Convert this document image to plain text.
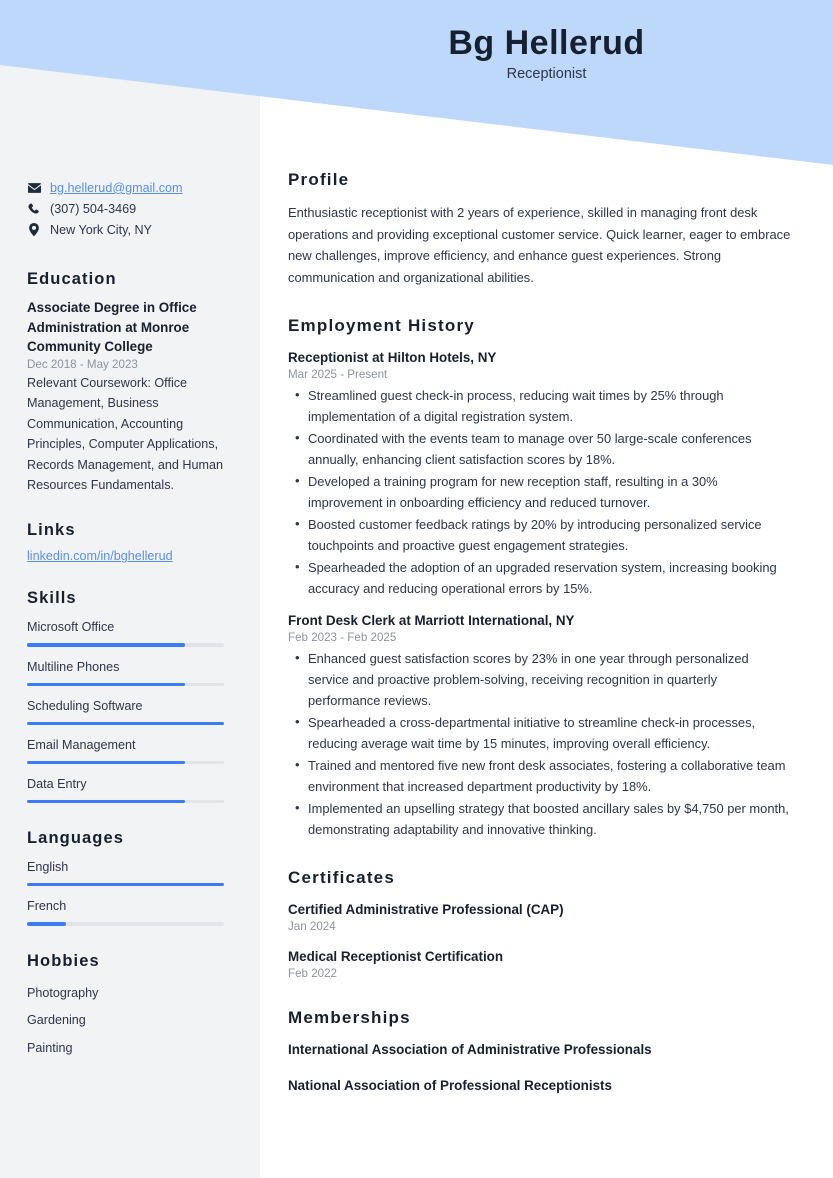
Bg Hellerud
Receptionist
bg.hellerud@gmail.com
(307) 504-3469
New York City, NY
Education
Associate Degree in Office Administration at Monroe Community College
Dec 2018 - May 2023
Relevant Coursework: Office Management, Business Communication, Accounting Principles, Computer Applications, Records Management, and Human Resources Fundamentals.
Links
linkedin.com/in/bghellerud
Skills
Microsoft Office
Multiline Phones
Scheduling Software
Email Management
Data Entry
Languages
English
French
Hobbies
Photography
Gardening
Painting
Profile
Enthusiastic receptionist with 2 years of experience, skilled in managing front desk operations and providing exceptional customer service. Quick learner, eager to embrace new challenges, improve efficiency, and enhance guest experiences. Strong communication and organizational abilities.
Employment History
Receptionist at Hilton Hotels, NY
Mar 2025 - Present
• Streamlined guest check-in process, reducing wait times by 25% through implementation of a digital registration system.
• Coordinated with the events team to manage over 50 large-scale conferences annually, enhancing client satisfaction scores by 18%.
• Developed a training program for new reception staff, resulting in a 30% improvement in onboarding efficiency and reduced turnover.
• Boosted customer feedback ratings by 20% by introducing personalized service touchpoints and proactive guest engagement strategies.
• Spearheaded the adoption of an upgraded reservation system, increasing booking accuracy and reducing operational errors by 15%.
Front Desk Clerk at Marriott International, NY
Feb 2023 - Feb 2025
• Enhanced guest satisfaction scores by 23% in one year through personalized service and proactive problem-solving, receiving recognition in quarterly performance reviews.
• Spearheaded a cross-departmental initiative to streamline check-in processes, reducing average wait time by 15 minutes, improving overall efficiency.
• Trained and mentored five new front desk associates, fostering a collaborative team environment that increased department productivity by 18%.
• Implemented an upselling strategy that boosted ancillary sales by $4,750 per month, demonstrating adaptability and innovative thinking.
Certificates
Certified Administrative Professional (CAP)
Jan 2024
Medical Receptionist Certification
Feb 2022
Memberships
International Association of Administrative Professionals
National Association of Professional Receptionists
